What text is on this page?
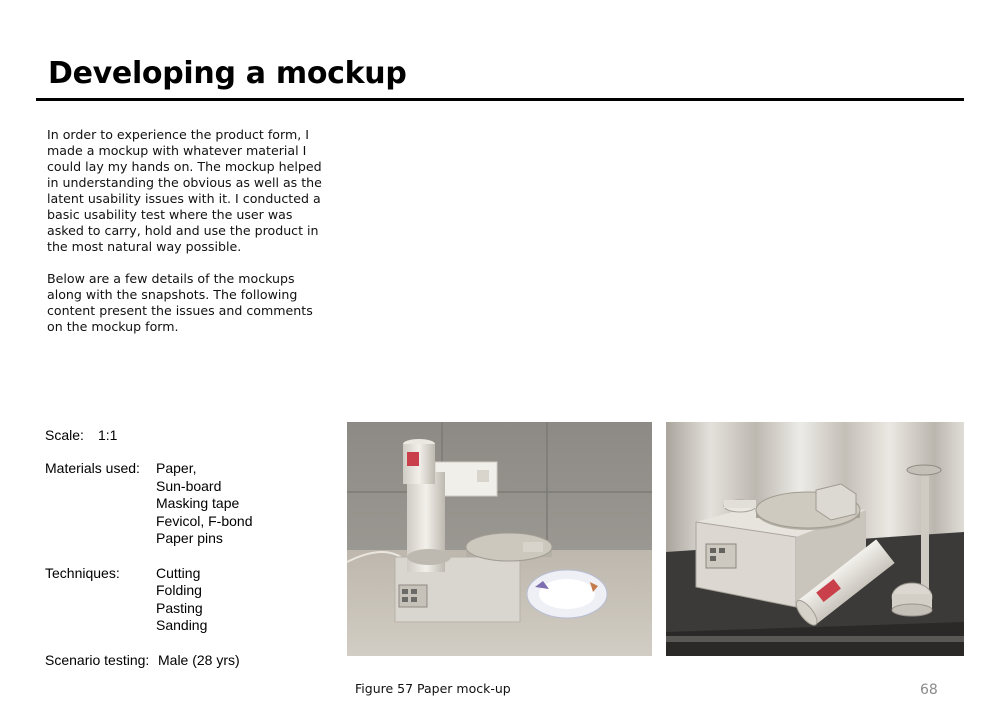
Developing a mockup

In order to experience the product form, I made a mockup with whatever material I could lay my hands on. The mockup helped in understanding the obvious as well as the latent usability issues with it. I conducted a basic usability test where the user was asked to carry, hold and use the product in the most natural way possible.

Below are a few details of the mockups along with the snapshots. The following content present the issues and comments on the mockup form.

Scale:	1:1
Materials used:	Paper,
Sun-board
Masking tape
Fevicol, F-bond
Paper pins
Techniques:	Cutting
Folding
Pasting
Sanding
Scenario testing: Male (28 yrs)
Figure 57 Paper mock-up	68
